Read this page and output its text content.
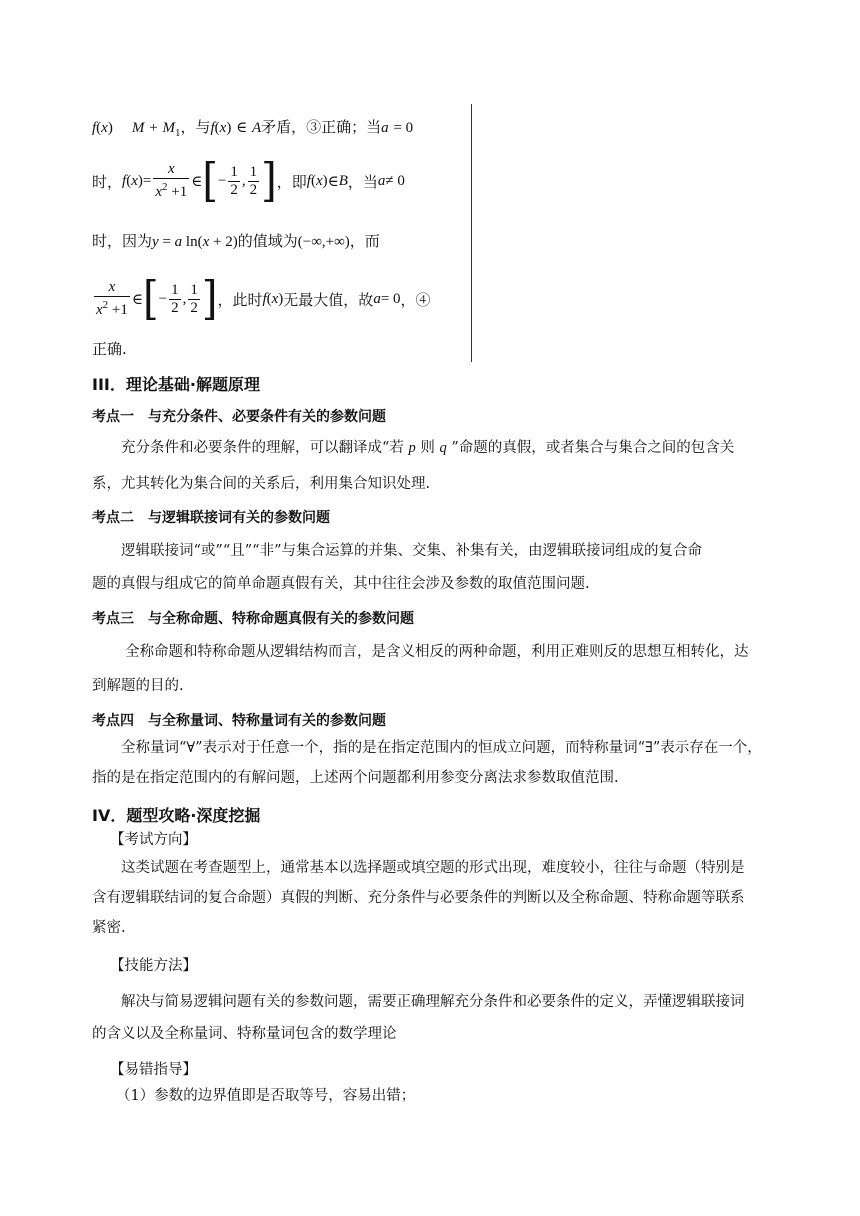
f(x) $M + M_1$，与f(x) ∈ A矛盾，③正确；当a = 0
时， f ( x ) = $\frac{x}{x^2 +1}$ ∈ [ − $\frac{1}{2}$ , $\frac{1}{2}$ ] ，即 f ( x ) ∈ B ，当 a ≠ 0
时，因为y = a ln(x + 2)的值域为(−∞,+∞)，而
$\frac{x}{x^2 +1}$ ∈ [ − $\frac{1}{2}$ , $\frac{1}{2}$ ] ，此时 f ( x ) 无最大值，故 a = 0 ，④
正确.
III．理论基础·解题原理
考点一　与充分条件、必要条件有关的参数问题
充分条件和必要条件的理解，可以翻译成“若 p 则 q ”命题的真假，或者集合与集合之间的包含关
系，尤其转化为集合间的关系后，利用集合知识处理.
考点二　与逻辑联接词有关的参数问题
逻辑联接词“或”“且”“非”与集合运算的并集、交集、补集有关，由逻辑联接词组成的复合命
题的真假与组成它的简单命题真假有关，其中往往会涉及参数的取值范围问题.
考点三　与全称命题、特称命题真假有关的参数问题
全称命题和特称命题从逻辑结构而言，是含义相反的两种命题，利用正难则反的思想互相转化，达
到解题的目的.
考点四　与全称量词、特称量词有关的参数问题
全称量词“∀”表示对于任意一个，指的是在指定范围内的恒成立问题，而特称量词“∃”表示存在一个，
指的是在指定范围内的有解问题，上述两个问题都利用参变分离法求参数取值范围.
IV．题型攻略·深度挖掘
【考试方向】
这类试题在考查题型上，通常基本以选择题或填空题的形式出现，难度较小，往往与命题（特别是
含有逻辑联结词的复合命题）真假的判断、充分条件与必要条件的判断以及全称命题、特称命题等联系
紧密.
【技能方法】
解决与简易逻辑问题有关的参数问题，需要正确理解充分条件和必要条件的定义，弄懂逻辑联接词
的含义以及全称量词、特称量词包含的数学理论
【易错指导】
（1）参数的边界值即是否取等号，容易出错；
